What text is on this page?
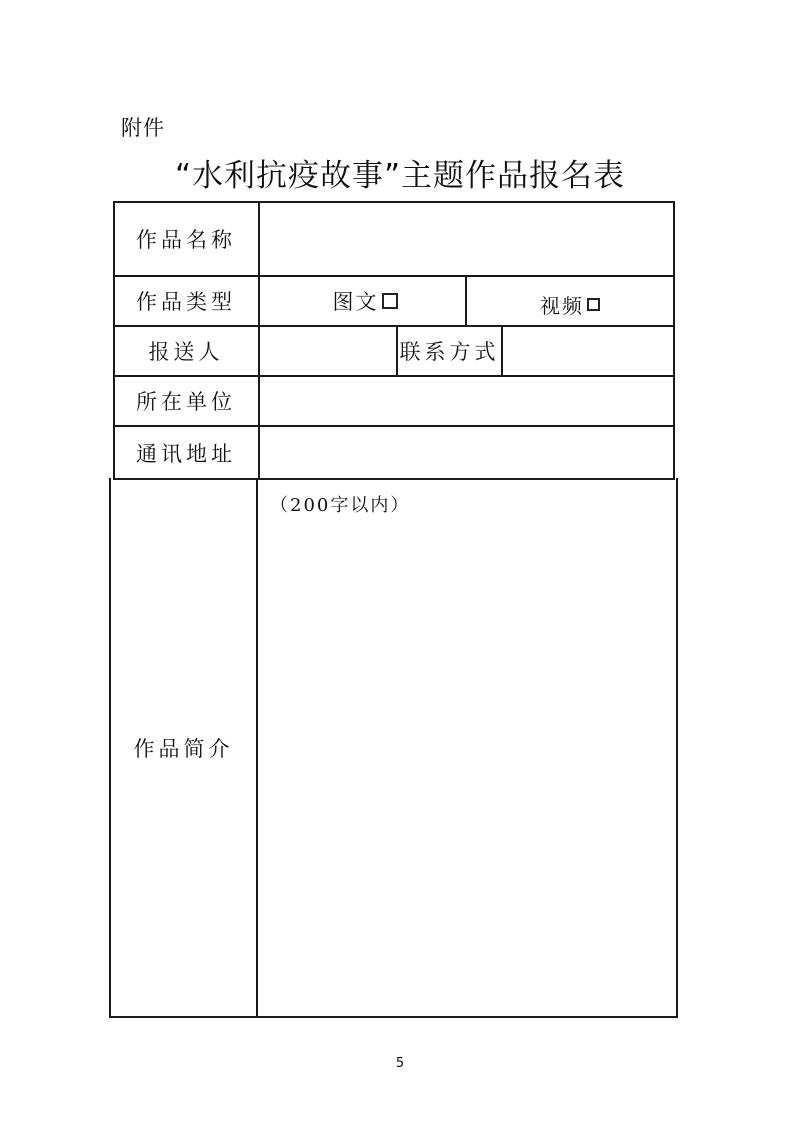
附件
“水利抗疫故事”主题作品报名表
作品名称
作品类型
报送人	联系方式
所在单位
通讯地址
作品简介
图文	视频
（200字以内）
5
